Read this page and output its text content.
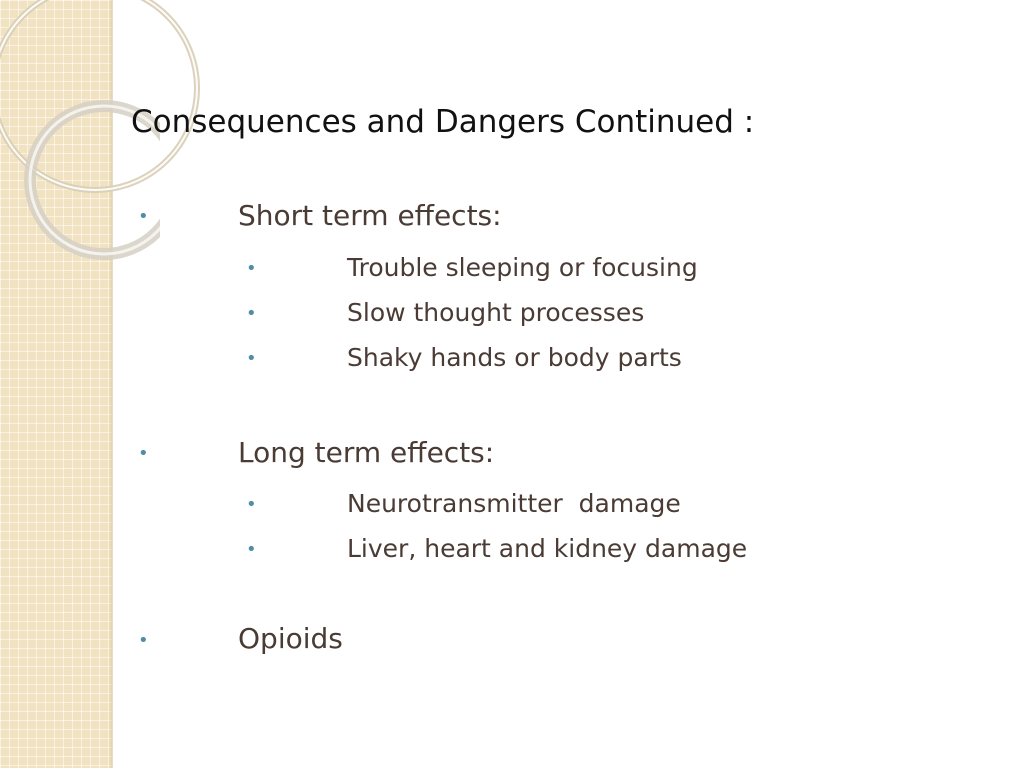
Consequences and Dangers Continued :
•	Short term effects:
•	Trouble sleeping or focusing
•	Slow thought processes
•	Shaky hands or body parts
•	Long term effects:
•	Neurotransmitter  damage
•	Liver, heart and kidney damage
•	Opioids
